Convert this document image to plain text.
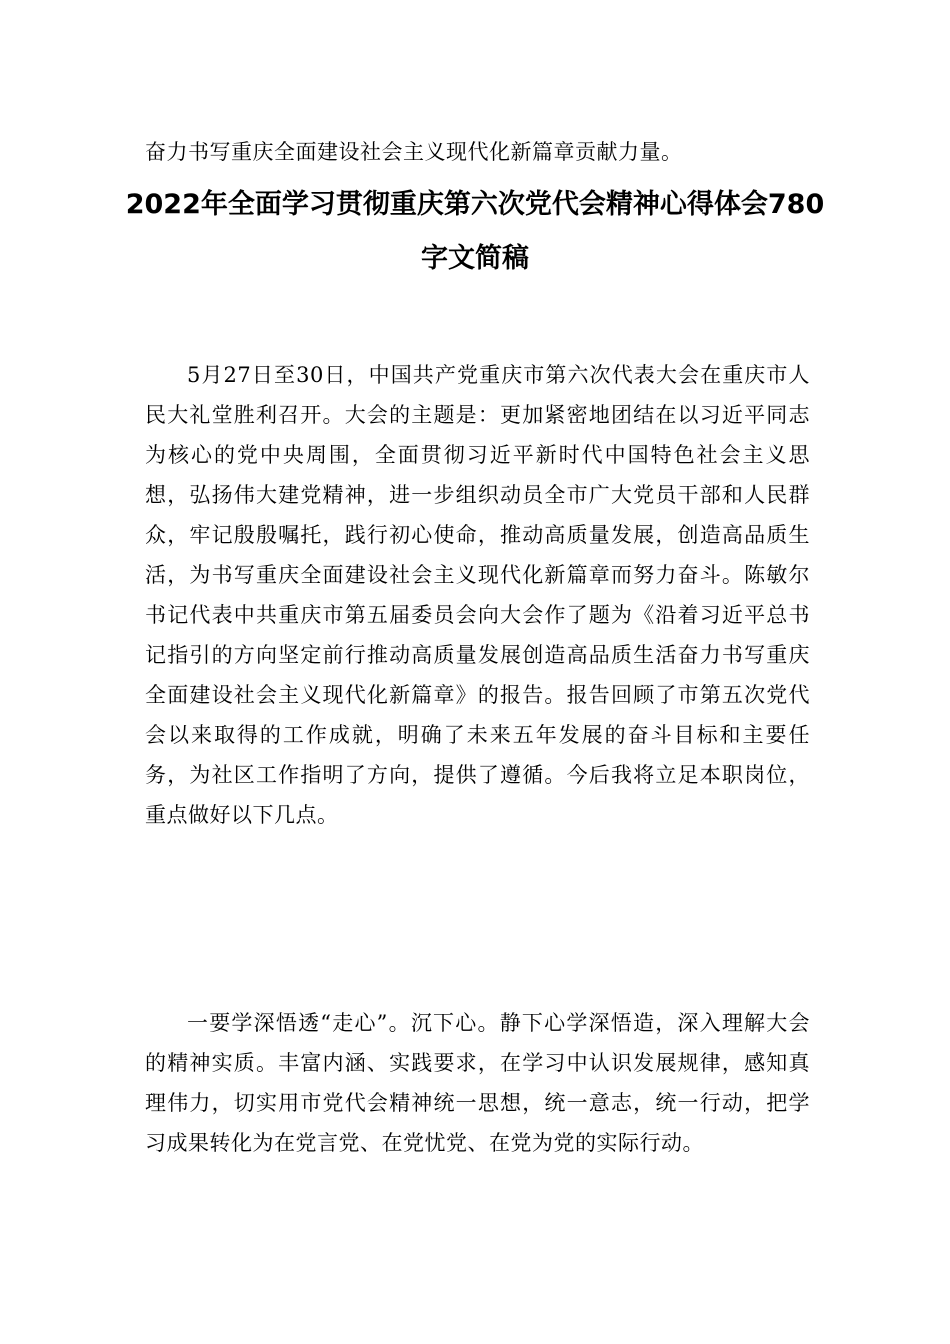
奋力书写重庆全面建设社会主义现代化新篇章贡献力量。

2022年全面学习贯彻重庆第六次党代会精神心得体会780字文简稿

5月27日至30日，中国共产党重庆市第六次代表大会在重庆市人民大礼堂胜利召开。大会的主题是：更加紧密地团结在以习近平同志为核心的党中央周围，全面贯彻习近平新时代中国特色社会主义思想，弘扬伟大建党精神，进一步组织动员全市广大党员干部和人民群众，牢记殷殷嘱托，践行初心使命，推动高质量发展，创造高品质生活，为书写重庆全面建设社会主义现代化新篇章而努力奋斗。陈敏尔书记代表中共重庆市第五届委员会向大会作了题为《沿着习近平总书记指引的方向坚定前行推动高质量发展创造高品质生活奋力书写重庆全面建设社会主义现代化新篇章》的报告。报告回顾了市第五次党代会以来取得的工作成就，明确了未来五年发展的奋斗目标和主要任务，为社区工作指明了方向，提供了遵循。今后我将立足本职岗位，重点做好以下几点。

一要学深悟透“走心”。沉下心。静下心学深悟造，深入理解大会的精神实质。丰富内涵、实践要求，在学习中认识发展规律，感知真理伟力，切实用市党代会精神统一思想，统一意志，统一行动，把学习成果转化为在党言党、在党忧党、在党为党的实际行动。
